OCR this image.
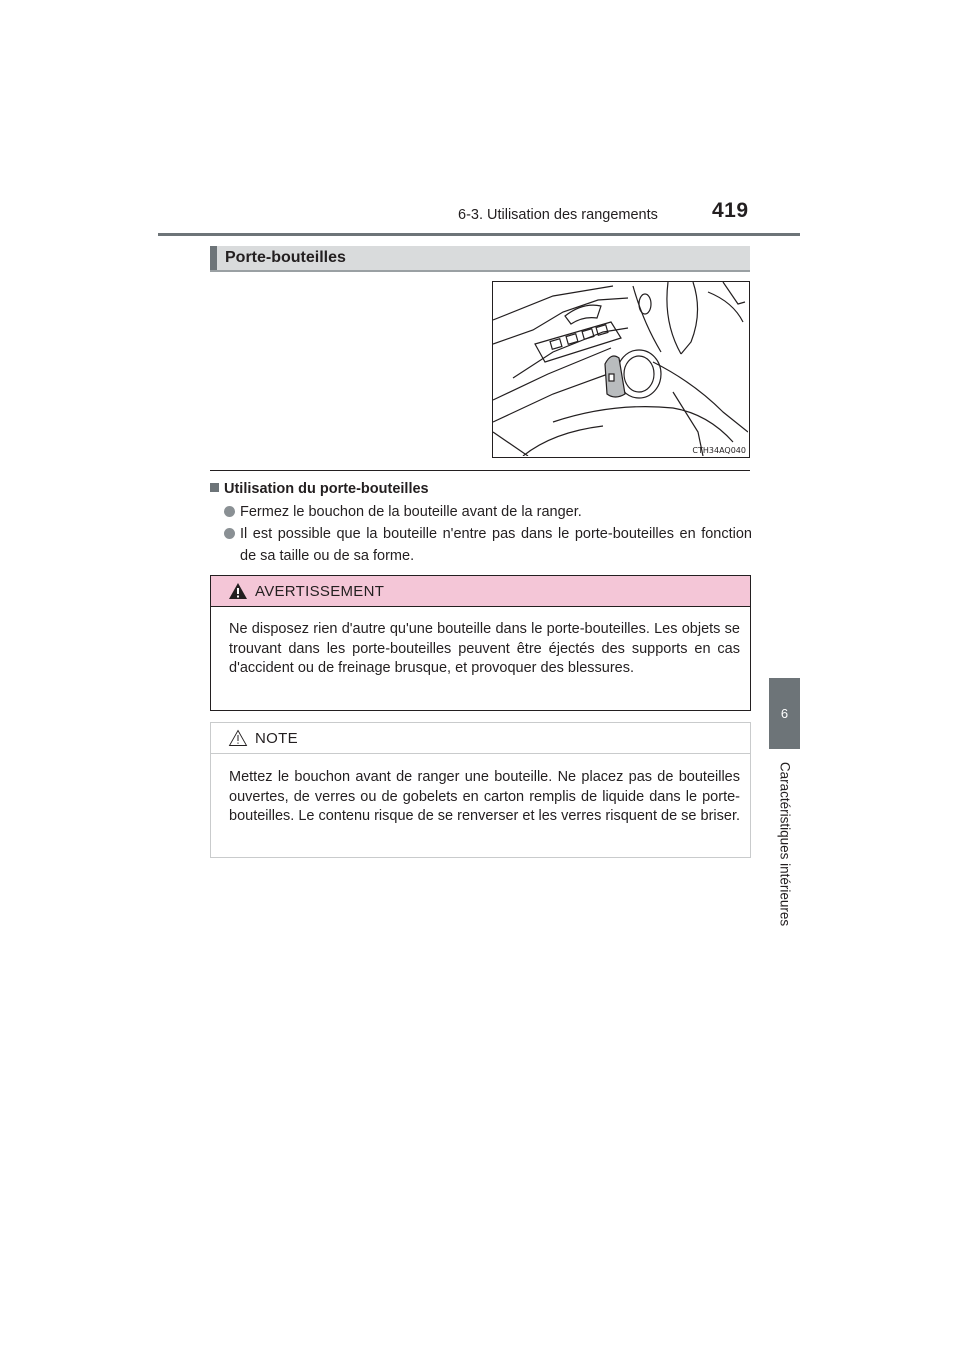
6-3. Utilisation des rangements	419
6
Caractéristiques intérieures
Porte-bouteilles
CTH34AQ040
Utilisation du porte-bouteilles
Fermez le bouchon de la bouteille avant de la ranger.
Il est possible que la bouteille n'entre pas dans le porte-bouteilles en fonction de sa taille ou de sa forme.
AVERTISSEMENT
Ne disposez rien d'autre qu'une bouteille dans le porte-bouteilles. Les objets se trouvant dans les porte-bouteilles peuvent être éjectés des supports en cas d'accident ou de freinage brusque, et provoquer des blessures.
NOTE
Mettez le bouchon avant de ranger une bouteille. Ne placez pas de bouteilles ouvertes, de verres ou de gobelets en carton remplis de liquide dans le porte-bouteilles. Le contenu risque de se renverser et les verres risquent de se briser.
